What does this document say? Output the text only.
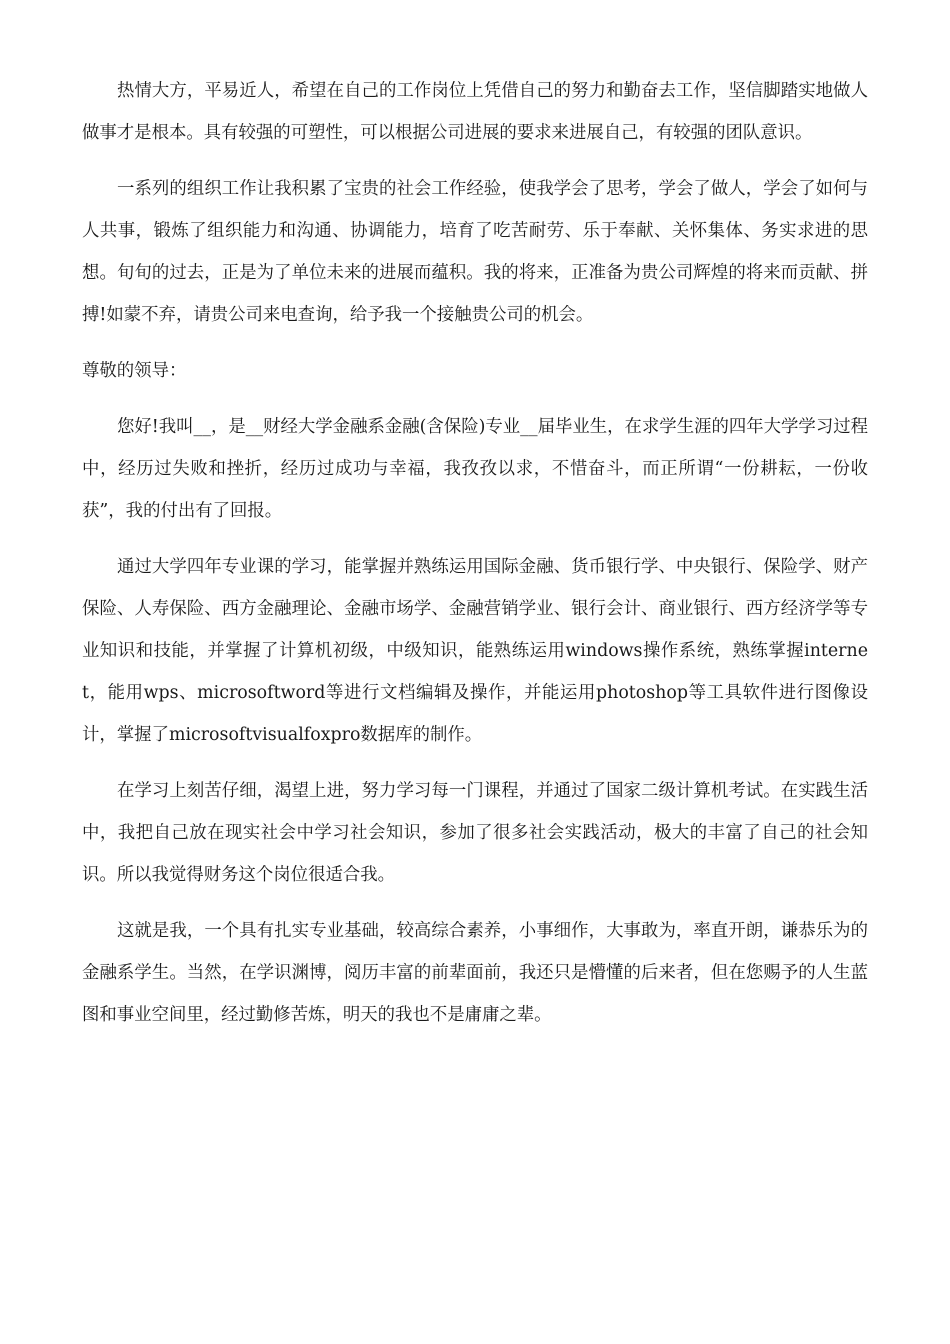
热情大方，平易近人，希望在自己的工作岗位上凭借自己的努力和勤奋去工作，坚信脚踏实地做人做事才是根本。具有较强的可塑性，可以根据公司进展的要求来进展自己，有较强的团队意识。

一系列的组织工作让我积累了宝贵的社会工作经验，使我学会了思考，学会了做人，学会了如何与人共事，锻炼了组织能力和沟通、协调能力，培育了吃苦耐劳、乐于奉献、关怀集体、务实求进的思想。旬旬的过去，正是为了单位未来的进展而蕴积。我的将来，正准备为贵公司辉煌的将来而贡献、拼搏!如蒙不弃，请贵公司来电查询，给予我一个接触贵公司的机会。

尊敬的领导：

您好!我叫__，是__财经大学金融系金融(含保险)专业__届毕业生，在求学生涯的四年大学学习过程中，经历过失败和挫折，经历过成功与幸福，我孜孜以求，不惜奋斗，而正所谓“一份耕耘，一份收获”，我的付出有了回报。

通过大学四年专业课的学习，能掌握并熟练运用国际金融、货币银行学、中央银行、保险学、财产保险、人寿保险、西方金融理论、金融市场学、金融营销学业、银行会计、商业银行、西方经济学等专业知识和技能，并掌握了计算机初级，中级知识，能熟练运用windows操作系统，熟练掌握internet，能用wps、microsoftword等进行文档编辑及操作，并能运用photoshop等工具软件进行图像设计，掌握了microsoftvisualfoxpro数据库的制作。

在学习上刻苦仔细，渴望上进，努力学习每一门课程，并通过了国家二级计算机考试。在实践生活中，我把自己放在现实社会中学习社会知识，参加了很多社会实践活动，极大的丰富了自己的社会知识。所以我觉得财务这个岗位很适合我。

这就是我，一个具有扎实专业基础，较高综合素养，小事细作，大事敢为，率直开朗，谦恭乐为的金融系学生。当然，在学识渊博，阅历丰富的前辈面前，我还只是懵懂的后来者，但在您赐予的人生蓝图和事业空间里，经过勤修苦炼，明天的我也不是庸庸之辈。
